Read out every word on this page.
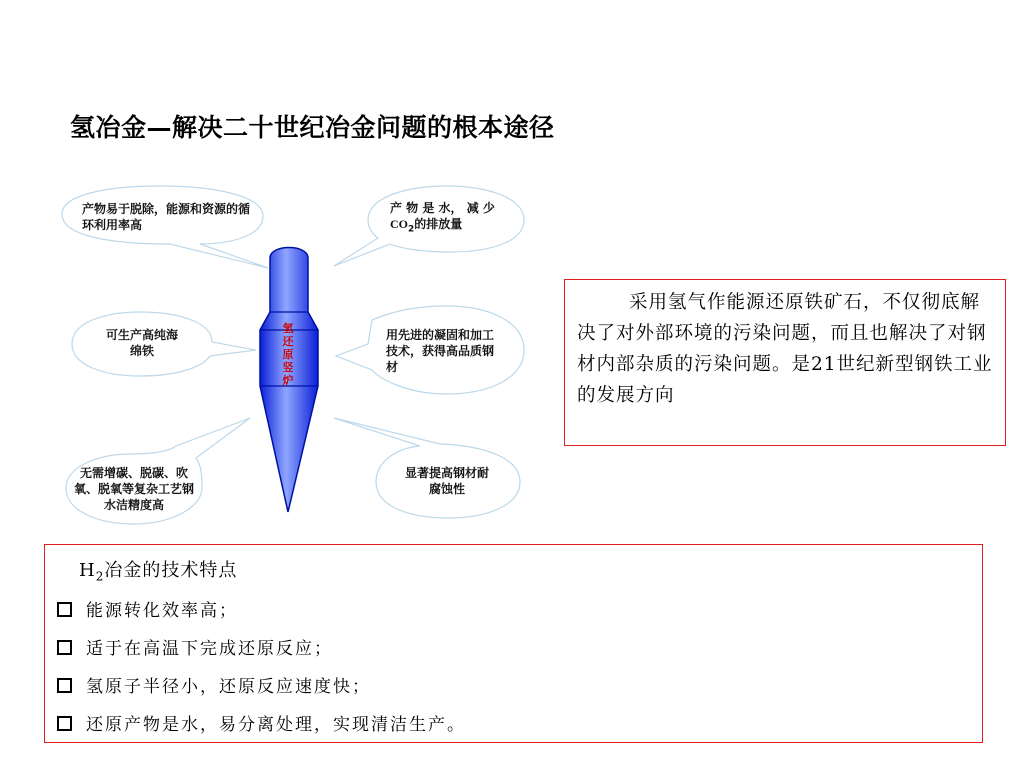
氢冶金—解决二十世纪冶金问题的根本途径
产物易于脱除，能源和资源的循环利用率高
产 物 是 水， 减 少
$CO_2$的排放量
可生产高纯海绵铁
用先进的凝固和加工技术，获得高品质钢材
无需增碳、脱碳、吹氧、脱氧等复杂工艺钢水洁精度高
显著提高钢材耐腐蚀性
氢还原竖炉
采用氢气作能源还原铁矿石，不仅彻底解决了对外部环境的污染问题，而且也解决了对钢材内部杂质的污染问题。是21世纪新型钢铁工业的发展方向
$H_2$冶金的技术特点
能源转化效率高；
适于在高温下完成还原反应；
氢原子半径小，还原反应速度快；
还原产物是水，易分离处理，实现清洁生产。
